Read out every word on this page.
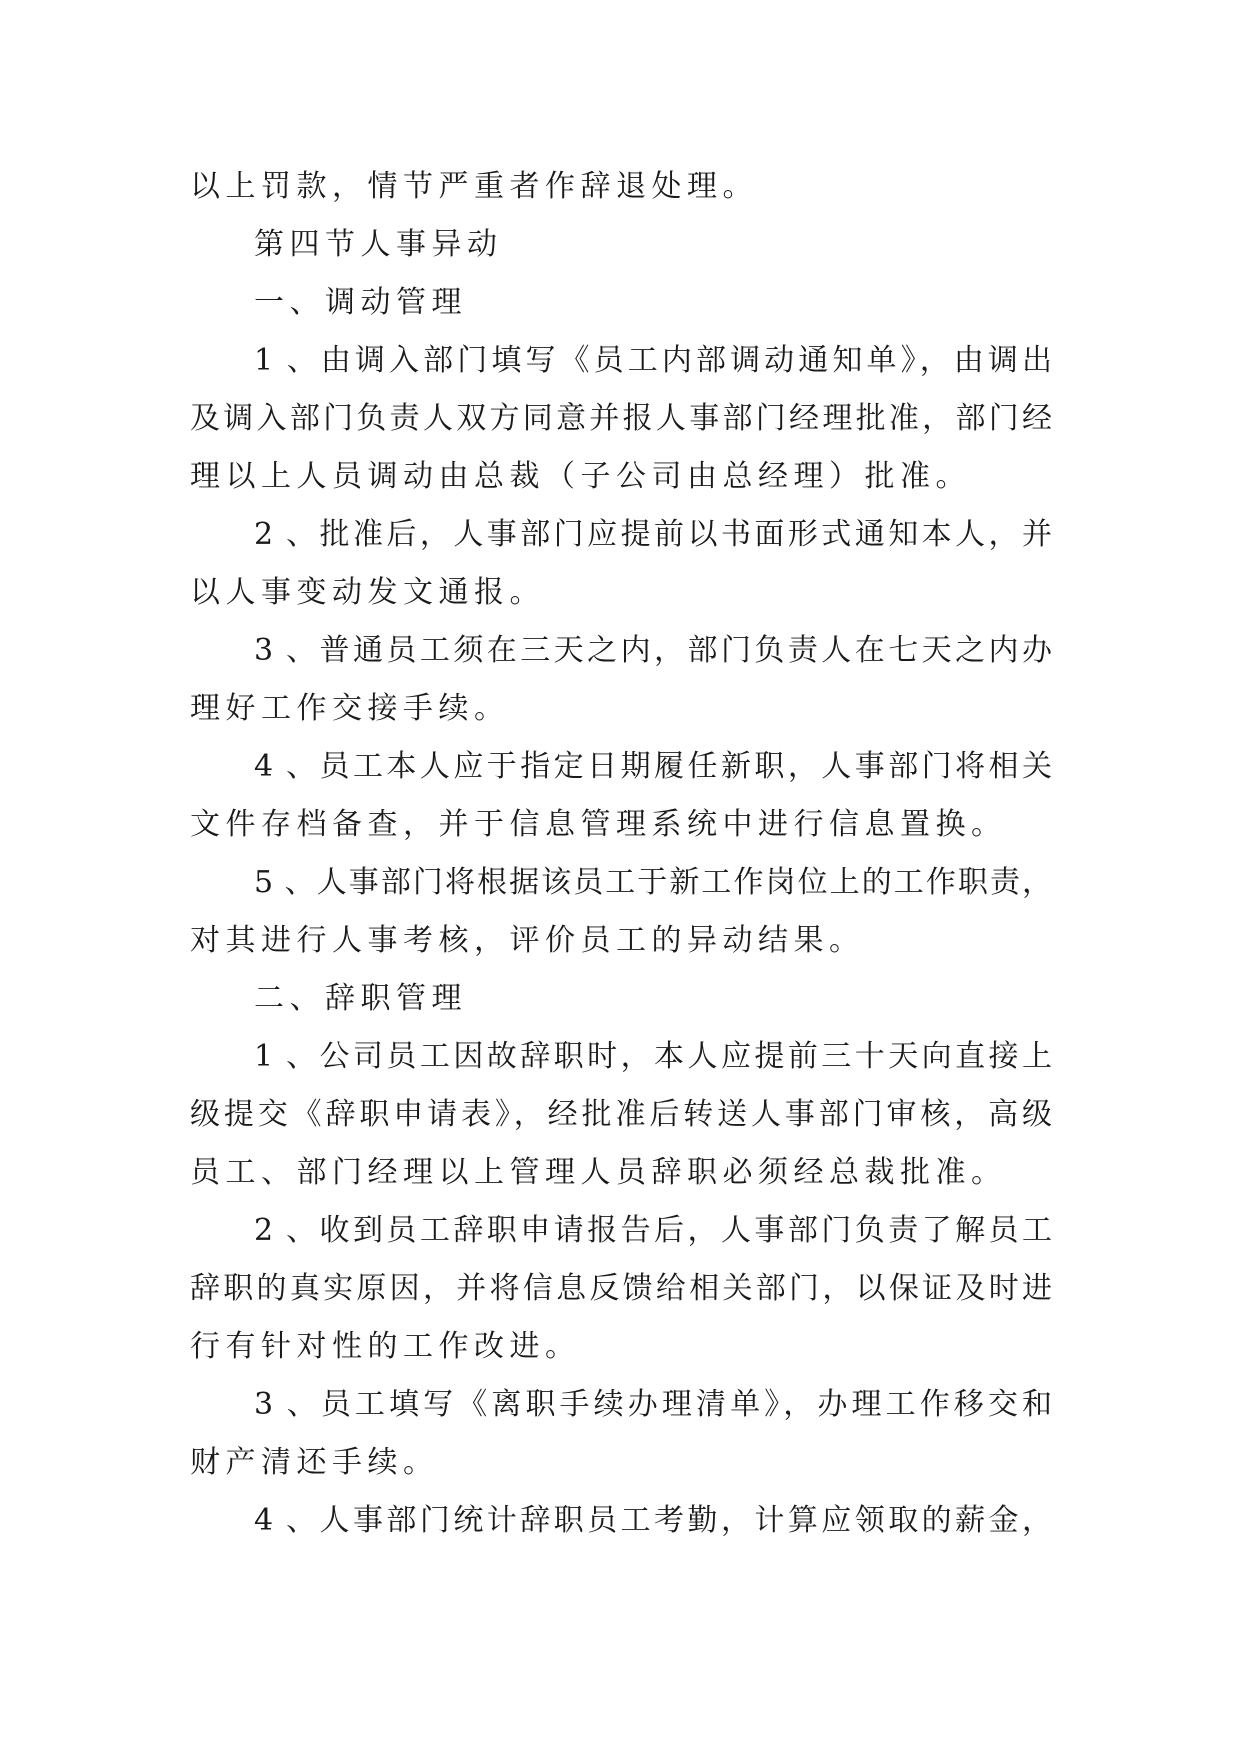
以上罚款，情节严重者作辞退处理。
第四节人事异动
一、调动管理
1 、由调入部门填写《员工内部调动通知单》，由调出
及调入部门负责人双方同意并报人事部门经理批准，部门经
理以上人员调动由总裁（子公司由总经理）批准。
2 、批准后，人事部门应提前以书面形式通知本人，并
以人事变动发文通报。
3 、普通员工须在三天之内，部门负责人在七天之内办
理好工作交接手续。
4 、员工本人应于指定日期履任新职，人事部门将相关
文件存档备查，并于信息管理系统中进行信息置换。
5 、人事部门将根据该员工于新工作岗位上的工作职责，
对其进行人事考核，评价员工的异动结果。
二、辞职管理
1 、公司员工因故辞职时，本人应提前三十天向直接上
级提交《辞职申请表》，经批准后转送人事部门审核，高级
员工、部门经理以上管理人员辞职必须经总裁批准。
2 、收到员工辞职申请报告后，人事部门负责了解员工
辞职的真实原因，并将信息反馈给相关部门，以保证及时进
行有针对性的工作改进。
3 、员工填写《离职手续办理清单》，办理工作移交和
财产清还手续。
4 、人事部门统计辞职员工考勤，计算应领取的薪金，
